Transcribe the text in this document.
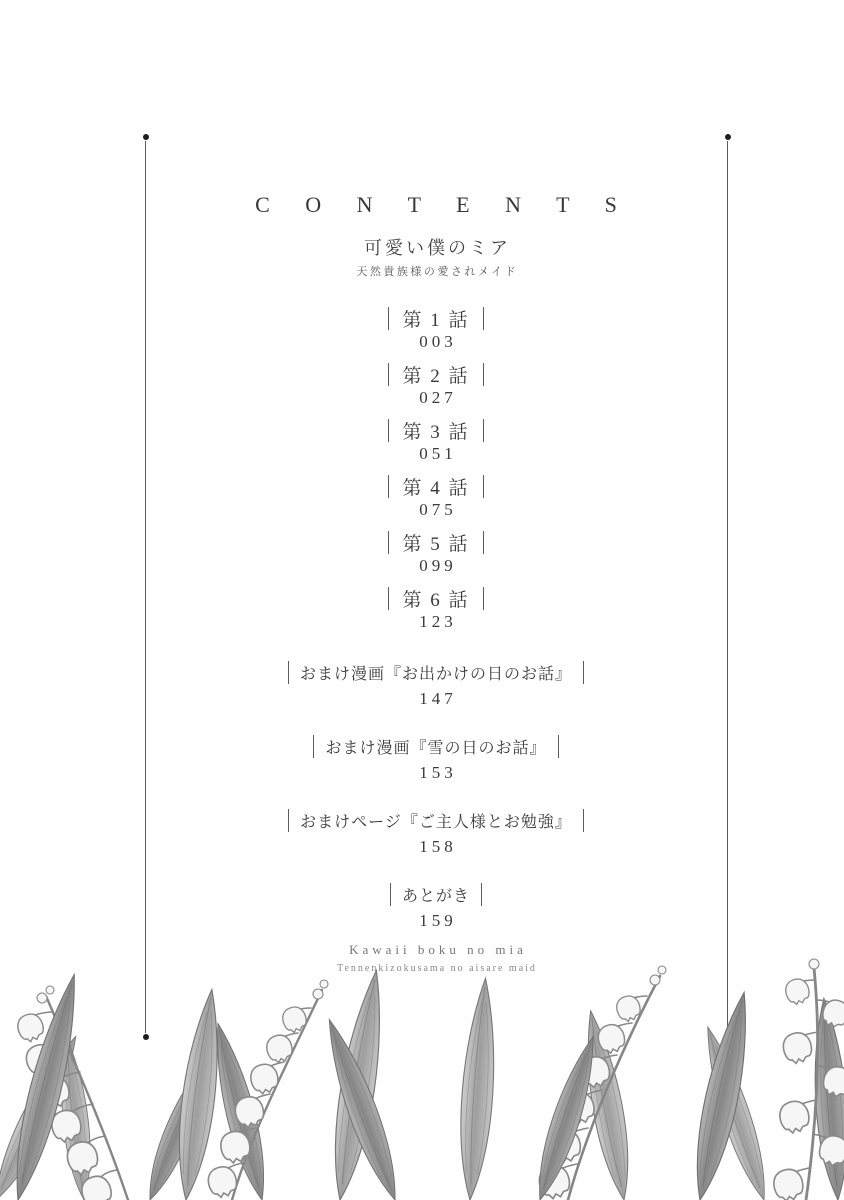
C O N T E N T S
可愛い僕のミア
天然貴族様の愛されメイド
第 1 話
003
第 2 話
027
第 3 話
051
第 4 話
075
第 5 話
099
第 6 話
123
おまけ漫画『お出かけの日のお話』
147
おまけ漫画『雪の日のお話』
153
おまけページ『ご主人様とお勉強』
158
あとがき
159
Kawaii boku no mia
Tennenkizokusama no aisare maid
